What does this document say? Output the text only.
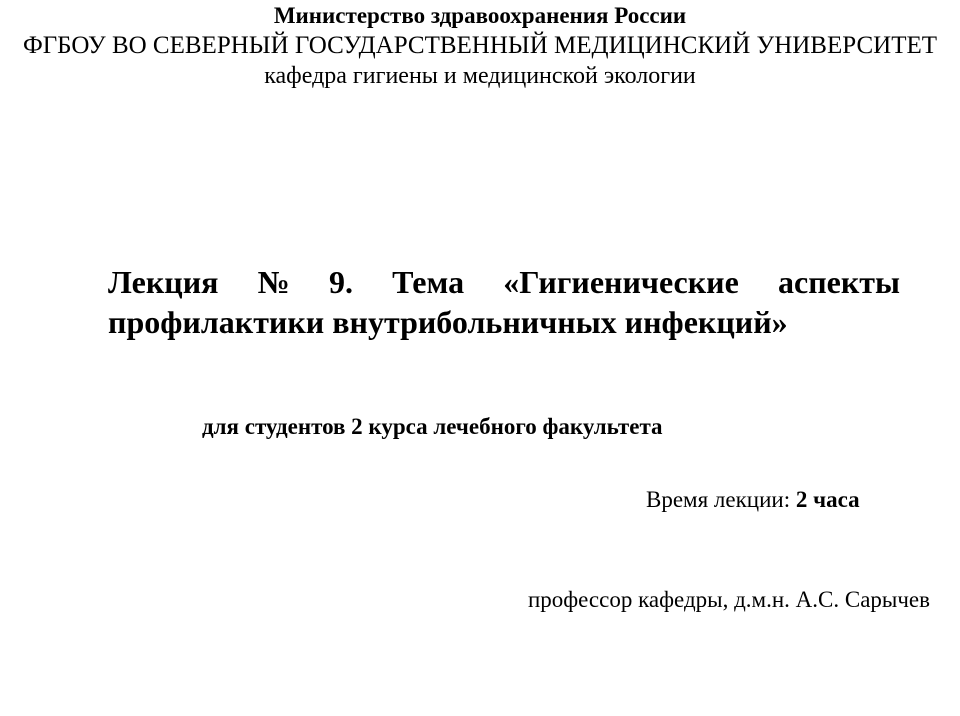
Министерство здравоохранения России
ФГБОУ ВО СЕВЕРНЫЙ ГОСУДАРСТВЕННЫЙ МЕДИЦИНСКИЙ УНИВЕРСИТЕТ
кафедра гигиены и медицинской экологии
Лекция № 9. Тема «Гигиенические аспекты
профилактики внутрибольничных инфекций»
для студентов 2 курса лечебного факультета
Время лекции: 2 часа
профессор кафедры, д.м.н. А.С. Сарычев
